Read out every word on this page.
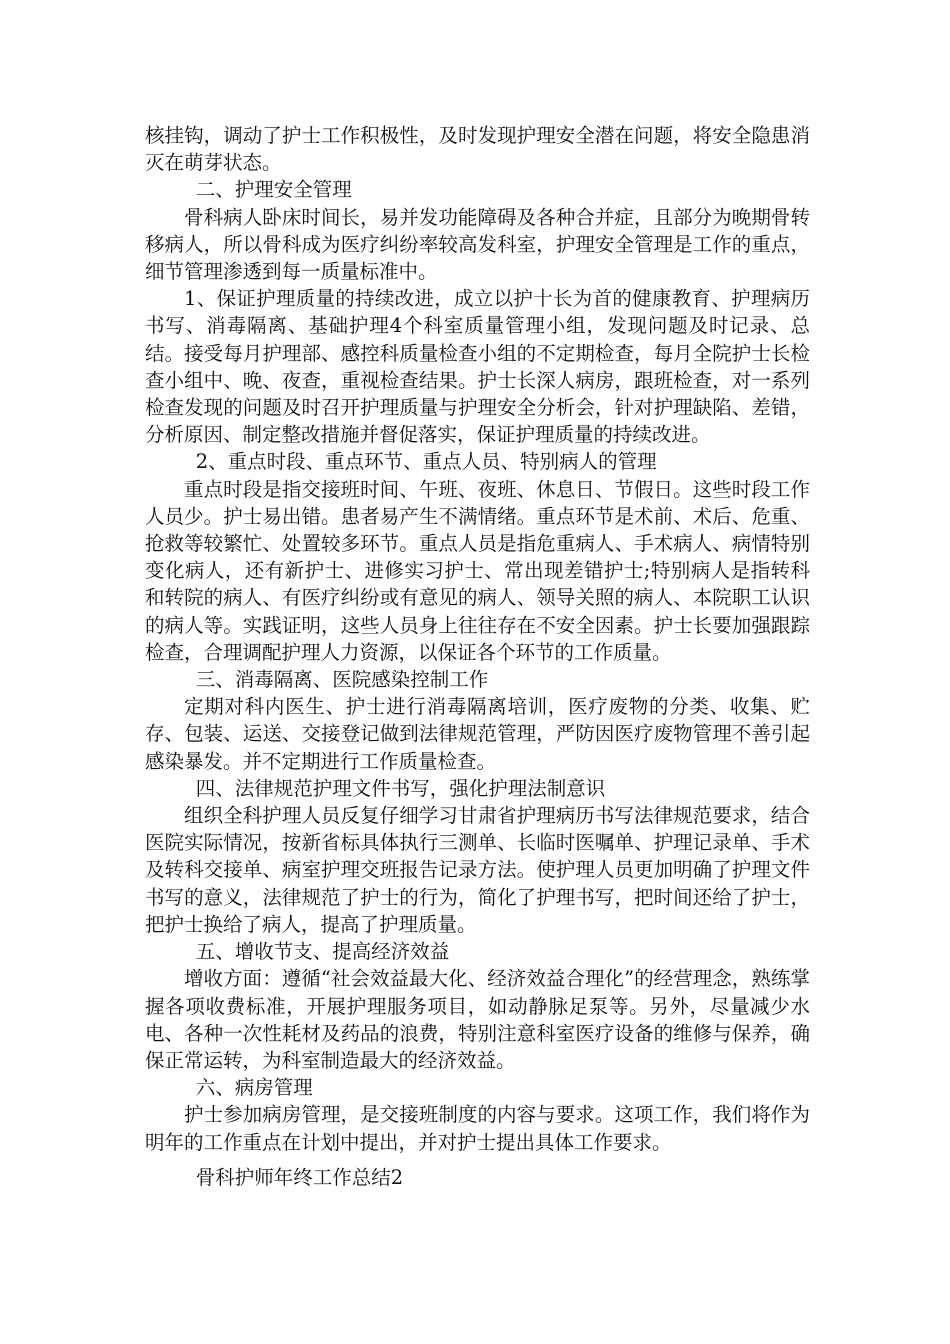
核挂钩，调动了护士工作积极性，及时发现护理安全潜在问题，将安全隐患消灭在萌芽状态。

二、护理安全管理

骨科病人卧床时间长，易并发功能障碍及各种合并症，且部分为晚期骨转移病人，所以骨科成为医疗纠纷率较高发科室，护理安全管理是工作的重点，细节管理渗透到每一质量标准中。

1、保证护理质量的持续改进，成立以护十长为首的健康教育、护理病历书写、消毒隔离、基础护理4个科室质量管理小组，发现问题及时记录、总结。接受每月护理部、感控科质量检查小组的不定期检查，每月全院护士长检查小组中、晚、夜查，重视检查结果。护士长深人病房，跟班检查，对一系列检查发现的问题及时召开护理质量与护理安全分析会，针对护理缺陷、差错，分析原因、制定整改措施并督促落实，保证护理质量的持续改进。

2、重点时段、重点环节、重点人员、特别病人的管理

重点时段是指交接班时间、午班、夜班、休息日、节假日。这些时段工作人员少。护士易出错。患者易产生不满情绪。重点环节是术前、术后、危重、抢救等较繁忙、处置较多环节。重点人员是指危重病人、手术病人、病情特别变化病人，还有新护士、进修实习护士、常出现差错护士;特别病人是指转科和转院的病人、有医疗纠纷或有意见的病人、领导关照的病人、本院职工认识的病人等。实践证明，这些人员身上往往存在不安全因素。护士长要加强跟踪检查，合理调配护理人力资源，以保证各个环节的工作质量。

三、消毒隔离、医院感染控制工作

定期对科内医生、护士进行消毒隔离培训，医疗废物的分类、收集、贮存、包装、运送、交接登记做到法律规范管理，严防因医疗废物管理不善引起感染暴发。并不定期进行工作质量检查。

四、法律规范护理文件书写，强化护理法制意识

组织全科护理人员反复仔细学习甘肃省护理病历书写法律规范要求，结合医院实际情况，按新省标具体执行三测单、长临时医嘱单、护理记录单、手术及转科交接单、病室护理交班报告记录方法。使护理人员更加明确了护理文件书写的意义，法律规范了护士的行为，简化了护理书写，把时间还给了护士，把护士换给了病人，提高了护理质量。

五、增收节支、提高经济效益

增收方面：遵循“社会效益最大化、经济效益合理化”的经营理念，熟练掌握各项收费标准，开展护理服务项目，如动静脉足泵等。另外，尽量减少水电、各种一次性耗材及药品的浪费，特别注意科室医疗设备的维修与保养，确保正常运转，为科室制造最大的经济效益。

六、病房管理

护士参加病房管理，是交接班制度的内容与要求。这项工作，我们将作为明年的工作重点在计划中提出，并对护士提出具体工作要求。

骨科护师年终工作总结2
